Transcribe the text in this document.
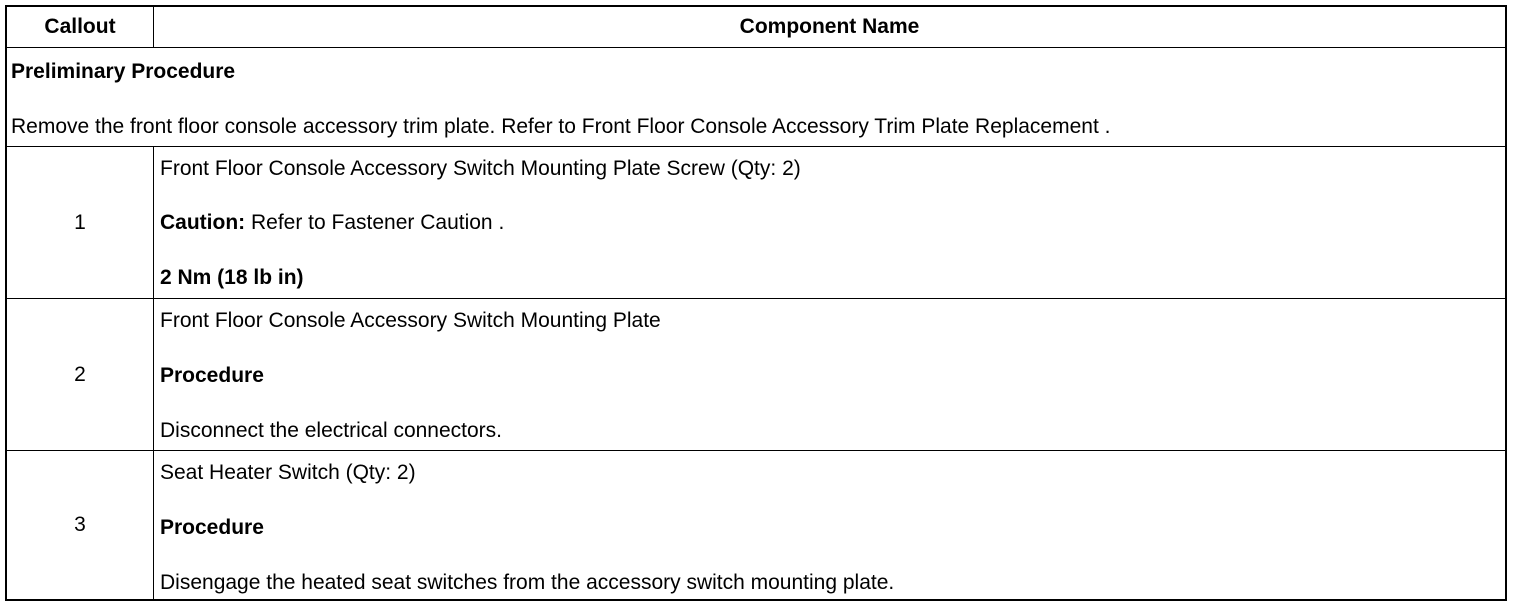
Callout	Component Name
Preliminary Procedure
Remove the front floor console accessory trim plate. Refer to Front Floor Console Accessory Trim Plate Replacement .
1
Front Floor Console Accessory Switch Mounting Plate Screw (Qty: 2)
Caution: Refer to Fastener Caution .
2 Nm (18 lb in)
2
Front Floor Console Accessory Switch Mounting Plate
Procedure
Disconnect the electrical connectors.
3
Seat Heater Switch (Qty: 2)
Procedure
Disengage the heated seat switches from the accessory switch mounting plate.
